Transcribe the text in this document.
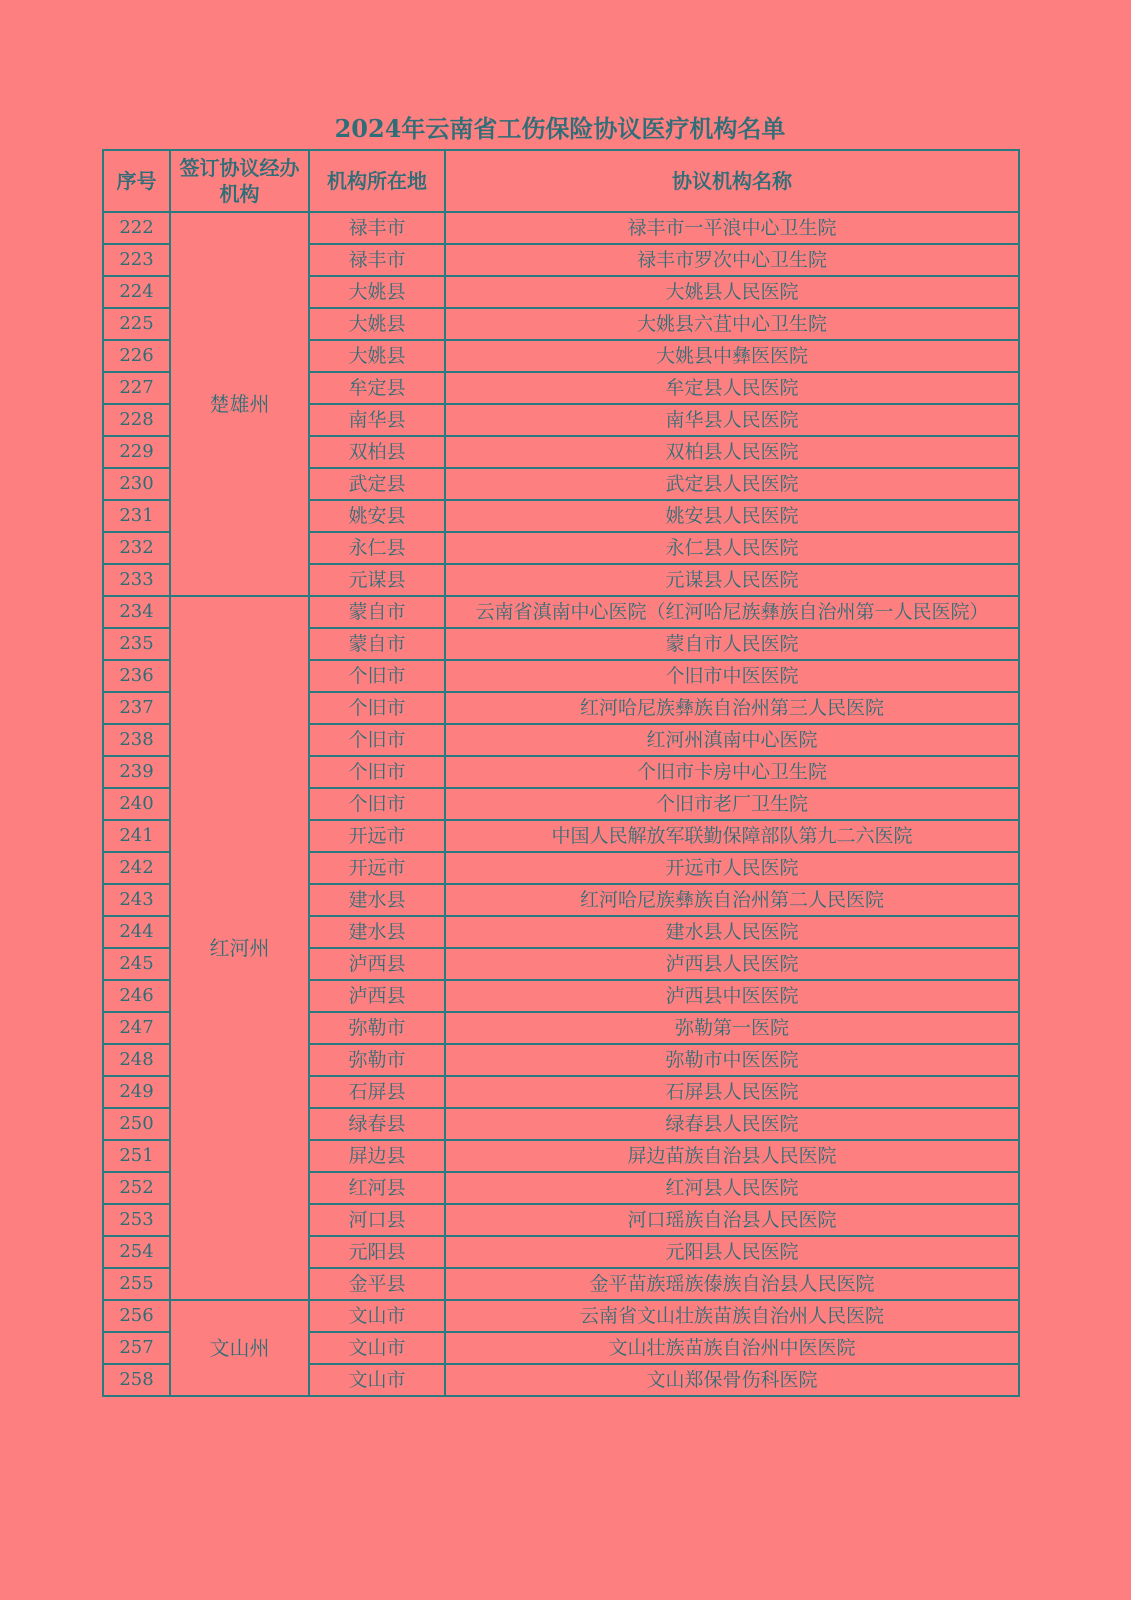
2024年云南省工伤保险协议医疗机构名单
序号	签订协议经办机构	机构所在地	协议机构名称
222	楚雄州	禄丰市	禄丰市一平浪中心卫生院

223		禄丰市	禄丰市罗次中心卫生院

224		大姚县	大姚县人民医院

225		大姚县	大姚县六苴中心卫生院

226		大姚县	大姚县中彝医医院

227		牟定县	牟定县人民医院

228		南华县	南华县人民医院

229		双柏县	双柏县人民医院

230		武定县	武定县人民医院

231		姚安县	姚安县人民医院

232		永仁县	永仁县人民医院

233		元谋县	元谋县人民医院

234	红河州	蒙自市	云南省滇南中心医院（红河哈尼族彝族自治州第一人民医院）

235		蒙自市	蒙自市人民医院

236		个旧市	个旧市中医医院

237		个旧市	红河哈尼族彝族自治州第三人民医院

238		个旧市	红河州滇南中心医院

239		个旧市	个旧市卡房中心卫生院

240		个旧市	个旧市老厂卫生院

241		开远市	中国人民解放军联勤保障部队第九二六医院

242		开远市	开远市人民医院

243		建水县	红河哈尼族彝族自治州第二人民医院

244		建水县	建水县人民医院

245		泸西县	泸西县人民医院

246		泸西县	泸西县中医医院

247		弥勒市	弥勒第一医院

248		弥勒市	弥勒市中医医院

249		石屏县	石屏县人民医院

250		绿春县	绿春县人民医院

251		屏边县	屏边苗族自治县人民医院

252		红河县	红河县人民医院

253		河口县	河口瑶族自治县人民医院

254		元阳县	元阳县人民医院

255		金平县	金平苗族瑶族傣族自治县人民医院

256	文山州	文山市	云南省文山壮族苗族自治州人民医院

257		文山市	文山壮族苗族自治州中医医院

258		文山市	文山郑保骨伤科医院
